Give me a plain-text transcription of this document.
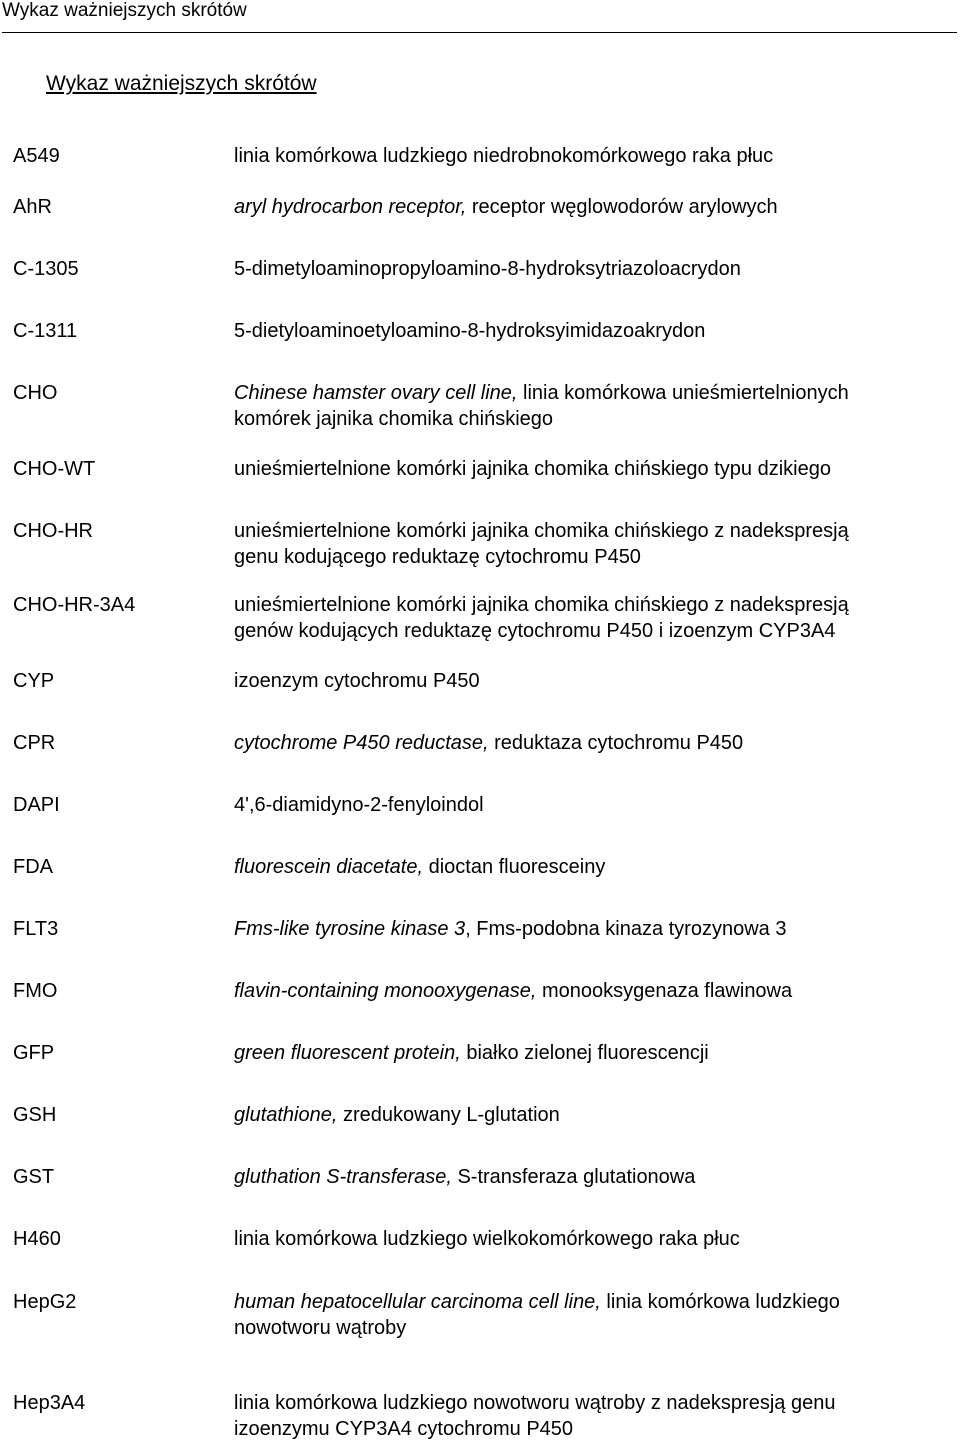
Wykaz ważniejszych skrótów
Wykaz ważniejszych skrótów
A549	linia komórkowa ludzkiego niedrobnokomórkowego raka płuc

AhR	aryl hydrocarbon receptor, receptor węglowodorów arylowych

C-1305	5-dimetyloaminopropyloamino-8-hydroksytriazoloacrydon

C-1311	5-dietyloaminoetyloamino-8-hydroksyimidazoakrydon

CHO	Chinese hamster ovary cell line, linia komórkowa unieśmiertelnionych
komórek jajnika chomika chińskiego
CHO-WT	unieśmiertelnione komórki jajnika chomika chińskiego typu dzikiego

CHO-HR	unieśmiertelnione komórki jajnika chomika chińskiego z nadekspresją
genu kodującego reduktazę cytochromu P450
CHO-HR-3A4	unieśmiertelnione komórki jajnika chomika chińskiego z nadekspresją
genów kodujących reduktazę cytochromu P450 i izoenzym CYP3A4
CYP	izoenzym cytochromu P450

CPR	cytochrome P450 reductase, reduktaza cytochromu P450

DAPI	4',6-diamidyno-2-fenyloindol

FDA	fluorescein diacetate, dioctan fluoresceiny

FLT3	Fms-like tyrosine kinase 3, Fms-podobna kinaza tyrozynowa 3

FMO	flavin-containing monooxygenase, monooksygenaza flawinowa

GFP	green fluorescent protein, białko zielonej fluorescencji

GSH	glutathione, zredukowany L-glutation

GST	gluthation S-transferase, S-transferaza glutationowa

H460	linia komórkowa ludzkiego wielkokomórkowego raka płuc

HepG2	human hepatocellular carcinoma cell line, linia komórkowa ludzkiego
nowotworu wątroby
Hep3A4	linia komórkowa ludzkiego nowotworu wątroby z nadekspresją genu
izoenzymu CYP3A4 cytochromu P450
